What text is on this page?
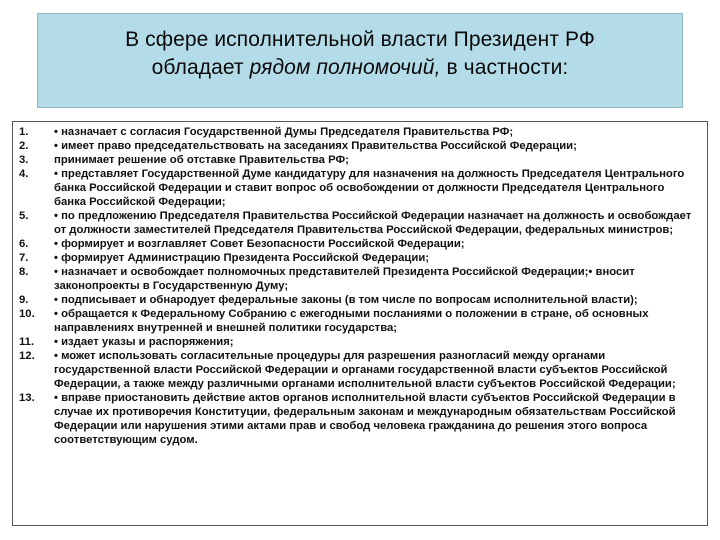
В сфере исполнительной власти Президент РФ
обладает рядом полномочий, в частности:
1.	• назначает с согласия Государственной Думы Председателя Правительства РФ;
2.	• имеет право председательствовать на заседаниях Правительства Российской Федерации;
3.	принимает решение об отставке Правительства РФ;
4.	• представляет Государственной Думе кандидатуру для назначения на должность Председателя Центрального банка Российской Федерации и ставит вопрос об освобождении от должности Председателя Центрального банка Российской Федерации;
5.	• по предложению Председателя Правительства Российской Федерации назначает на должность и освобождает от должности заместителей Председателя Правительства Российской Федерации, федеральных министров;
6.	• формирует и возглавляет Совет Безопасности Российской Федерации;
7.	• формирует Администрацию Президента Российской Федерации;
8.	• назначает и освобождает полномочных представителей Президента Российской Федерации;• вносит законопроекты в Государственную Думу;
9.	• подписывает и обнародует федеральные законы (в том числе по вопросам исполнительной власти);
10.	• обращается к Федеральному Собранию с ежегодными посланиями о положении в стране, об основных направлениях внутренней и внешней политики государства;
11.	• издает указы и распоряжения;
12.	• может использовать согласительные процедуры для разрешения разногласий между органами государственной власти Российской Федерации и органами государственной власти субъектов Российской Федерации, а также между различными органами исполнительной власти субъектов Российской Федерации;
13.	• вправе приостановить действие актов органов исполнительной власти субъектов Российской Федерации в случае их противоречия Конституции, федеральным законам и международным обязательствам Российской Федерации или нарушения этими актами прав и свобод человека гражданина до решения этого вопроса соответствующим судом.
